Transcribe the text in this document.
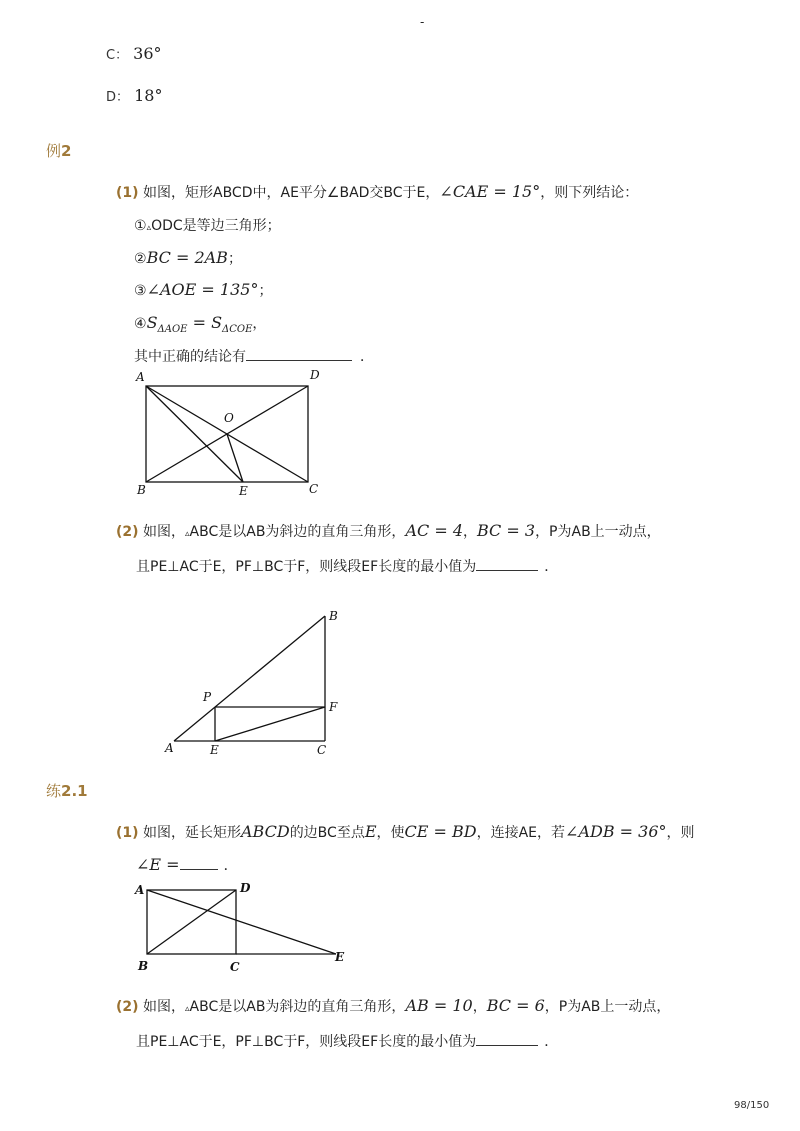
-
C： 36°
D： 18°
例2
(1) 如图，矩形ABCD中，AE平分∠BAD交BC于E，∠CAE = 15°，则下列结论：
①▵ODC是等边三角形；
②BC = 2AB；
③∠AOE = 135°；
$④S_{\Delta AOE} = S_{\Delta COE}$，
其中正确的结论有	．
A	D
O
B	E	C
(2) 如图，▵ABC是以AB为斜边的直角三角形，AC = 4，BC = 3，P为AB上一动点，
且PE⊥AC于E，PF⊥BC于F，则线段EF长度的最小值为	．
B
P
F
A	E	C
练2.1
(1) 如图，延长矩形ABCD的边BC至点E，使CE = BD，连接AE，若∠ADB = 36°，则
∠E =	．
A	D
B	C
E
(2) 如图，▵ABC是以AB为斜边的直角三角形，AB = 10，BC = 6，P为AB上一动点，
且PE⊥AC于E，PF⊥BC于F，则线段EF长度的最小值为	．
98/150
